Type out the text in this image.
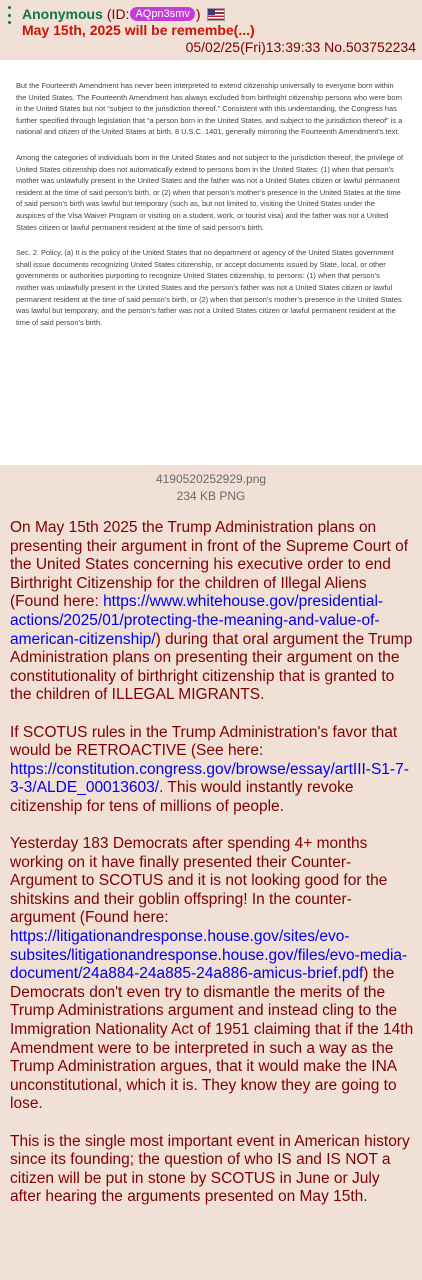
Anonymous (ID: AQpn3smv )
May 15th, 2025 will be remembe(...)
05/02/25(Fri)13:39:33 No.503752234

But the Fourteenth Amendment has never been interpreted to extend citizenship universally to everyone born within the United States. The Fourteenth Amendment has always excluded from birthright citizenship persons who were born in the United States but not “subject to the jurisdiction thereof.” Consistent with this understanding, the Congress has further specified through legislation that “a person born in the United States, and subject to the jurisdiction thereof” is a national and citizen of the United States at birth, 8 U.S.C. 1401, generally mirroring the Fourteenth Amendment’s text.

Among the categories of individuals born in the United States and not subject to the jurisdiction thereof, the privilege of United States citizenship does not automatically extend to persons born in the United States: (1) when that person’s mother was unlawfully present in the United States and the father was not a United States citizen or lawful permanent resident at the time of said person’s birth, or (2) when that person’s mother’s presence in the United States at the time of said person’s birth was lawful but temporary (such as, but not limited to, visiting the United States under the auspices of the Visa Waiver Program or visiting on a student, work, or tourist visa) and the father was not a United States citizen or lawful permanent resident at the time of said person’s birth.

Sec. 2. Policy. (a) It is the policy of the United States that no department or agency of the United States government shall issue documents recognizing United States citizenship, or accept documents issued by State, local, or other governments or authorities purporting to recognize United States citizenship, to persons: (1) when that person’s mother was unlawfully present in the United States and the person’s father was not a United States citizen or lawful permanent resident at the time of said person’s birth, or (2) when that person’s mother’s presence in the United States was lawful but temporary, and the person’s father was not a United States citizen or lawful permanent resident at the time of said person’s birth.

4190520252929.png
234 KB PNG

On May 15th 2025 the Trump Administration plans on presenting their argument in front of the Supreme Court of the United States concerning his executive order to end Birthright Citizenship for the children of Illegal Aliens (Found here: https://www.whitehouse.gov/presidential-actions/2025/01/protecting-the-meaning-and-value-of-american-citizenship/) during that oral argument the Trump Administration plans on presenting their argument on the constitutionality of birthright citizenship that is granted to the children of ILLEGAL MIGRANTS.

If SCOTUS rules in the Trump Administration's favor that would be RETROACTIVE (See here: https://constitution.congress.gov/browse/essay/artIII-S1-7-3-3/ALDE_00013603/. This would instantly revoke citizenship for tens of millions of people.

Yesterday 183 Democrats after spending 4+ months working on it have finally presented their Counter-Argument to SCOTUS and it is not looking good for the shitskins and their goblin offspring! In the counter-argument (Found here: https://litigationandresponse.house.gov/sites/evo-subsites/litigationandresponse.house.gov/files/evo-media-document/24a884-24a885-24a886-amicus-brief.pdf) the Democrats don't even try to dismantle the merits of the Trump Administrations argument and instead cling to the Immigration Nationality Act of 1951 claiming that if the 14th Amendment were to be interpreted in such a way as the Trump Administration argues, that it would make the INA unconstitutional, which it is. They know they are going to lose.

This is the single most important event in American history since its founding; the question of who IS and IS NOT a citizen will be put in stone by SCOTUS in June or July after hearing the arguments presented on May 15th.
